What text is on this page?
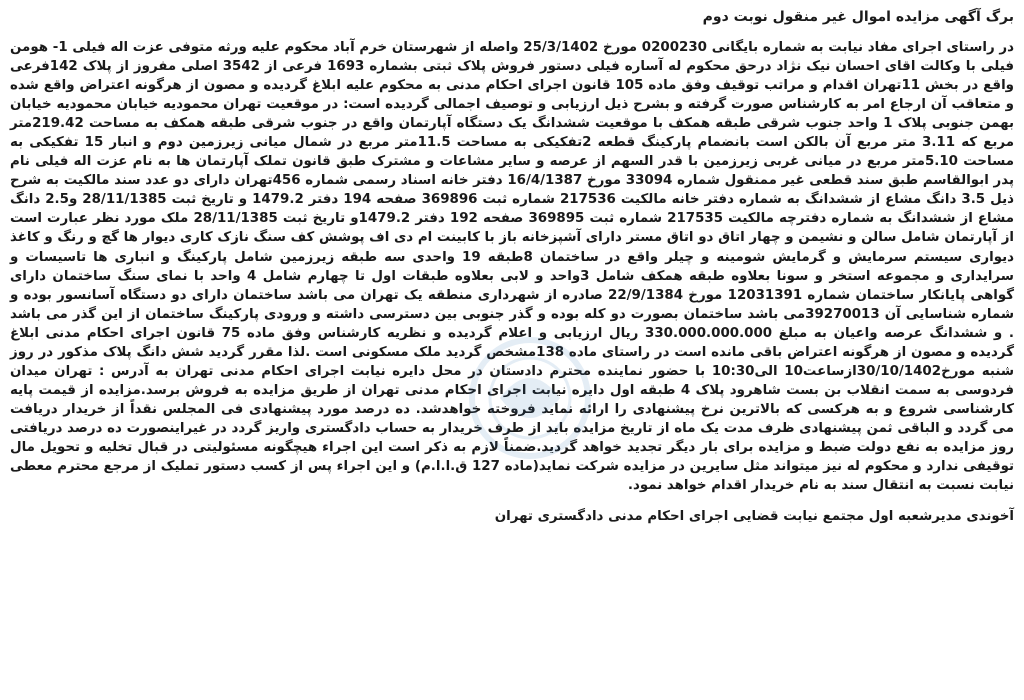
برگ آگهی مزایده اموال غیر منقول نوبت دوم

در راستای اجرای مفاد نیابت به شماره بایگانی 0200230 مورخ 25/3/1402 واصله از شهرستان خرم آباد محکوم علیه ورثه متوفی عزت اله فیلی 1- هومن فیلی با وکالت اقای احسان نیک نژاد درحق محکوم له آساره فیلی دستور فروش پلاک ثبتی بشماره 1693 فرعی از 3542 اصلی مفروز از پلاک 142فرعی واقع در بخش 11تهران اقدام و مراتب توقیف وفق ماده 105 قانون اجرای احکام مدنی به محکوم علیه ابلاغ گردیده و مصون از هرگونه اعتراض واقع شده و متعاقب آن ارجاع امر به کارشناس صورت گرفته و بشرح ذیل ارزیابی و توصیف اجمالی گردیده است: در موقعیت تهران محمودیه خیابان محمودیه خیابان بهمن جنوبی پلاک 1 واحد جنوب شرقی طبقه همکف با موقعیت ششدانگ یک دستگاه آپارتمان واقع در جنوب شرقی طبقه همکف به مساحت 219.42متر مربع که 3.11 متر مربع آن بالکن است بانضمام پارکینگ قطعه 2تفکیکی به مساحت 11.5متر مربع در شمال میانی زیرزمین دوم و انبار 15 تفکیکی به مساحت 5.10متر مربع در میانی غربی زیرزمین با قدر السهم از عرصه و سایر مشاعات و مشترک طبق قانون تملک آپارتمان ها به نام عزت اله فیلی نام پدر ابوالقاسم طبق سند قطعی غیر ممنقول شماره 33094 مورخ 16/4/1387 دفتر خانه اسناد رسمی شماره 456تهران دارای دو عدد سند مالکیت به شرح ذیل 3.5 دانگ مشاع از ششدانگ به شماره دفتر خانه مالکیت 217536 شماره ثبت 369896 صفحه 194 دفتر 1479.2 و تاریخ ثبت 28/11/1385 و2.5 دانگ مشاع از ششدانگ به شماره دفترچه مالکیت 217535 شماره ثبت 369895 صفحه 192 دفتر 1479.2و تاریخ ثبت 28/11/1385 ملک مورد نظر عبارت است از آپارتمان شامل سالن و نشیمن و چهار اتاق دو اتاق مستر دارای آشپزخانه باز با کابینت ام دی اف پوشش کف سنگ نازک کاری دیوار ها گچ و رنگ و کاغذ دیواری سیستم سرمایش و گرمایش شومینه و چیلر واقع در ساختمان 8طبقه 19 واحدی سه طبقه زیرزمین شامل پارکینگ و انباری ها تاسیسات و سرایداری و مجموعه استخر و سونا بعلاوه طبقه همکف شامل 3واحد و لابی بعلاوه طبقات اول تا چهارم شامل 4 واحد با نمای سنگ ساختمان دارای گواهی پایانکار ساختمان شماره 12031391 مورخ 22/9/1384 صادره از شهرداری منطقه یک تهران می باشد ساختمان دارای دو دستگاه آسانسور بوده و شماره شناسایی آن 39270013می باشد ساختمان بصورت دو کله بوده و گذر جنوبی بین دسترسی داشته و ورودی پارکینگ ساختمان از این گذر می باشد . و ششدانگ عرصه واعیان به مبلغ 330.000.000.000 ریال ارزیابی و اعلام گردیده و نظریه کارشناس وفق ماده 75 قانون اجرای احکام مدنی ابلاغ گردیده و مصون از هرگونه اعتراض باقی مانده است در راستای ماده 138مشخص گردید ملک مسکونی است .لذا مقرر گردید شش دانگ پلاک مذکور در روز شنبه مورخ30/10/1402ازساعت10 الی10:30 با حضور نماینده محترم دادستان در محل دایره نیابت اجرای احکام مدنی تهران به آدرس : تهران میدان فردوسی به سمت انقلاب بن بست شاهرود پلاک 4 طبقه اول دایره نیابت اجرای احکام مدنی تهران از طریق مزایده به فروش برسد.مزایده از قیمت پایه کارشناسی شروع و به هرکسی که بالاترین نرخ پیشنهادی را ارائه نماید فروخته خواهدشد. ده درصد مورد پیشنهادی فی المجلس نقداً از خریدار دریافت می گردد و الباقی ثمن پیشنهادی ظرف مدت یک ماه از تاریخ مزایده باید از طرف خریدار به حساب دادگستری واریز گردد در غیراینصورت ده درصد دریافتی روز مزایده به نفع دولت ضبط و مزایده برای بار دیگر تجدید خواهد گردید.ضمناً لازم به ذکر است این اجراء هیچگونه مسئولیتی در قبال تخلیه و تحویل مال توقیفی ندارد و محکوم له نیز میتواند مثل سایرین در مزایده شرکت نماید(ماده 127 ق.ا.ا.م) و این اجراء پس از کسب دستور تملیک از مرجع محترم معطی نیابت نسبت به انتقال سند به نام خریدار اقدام خواهد نمود.

آخوندی مدیرشعبه اول مجتمع نیابت قضایی اجرای احکام مدنی دادگستری تهران
